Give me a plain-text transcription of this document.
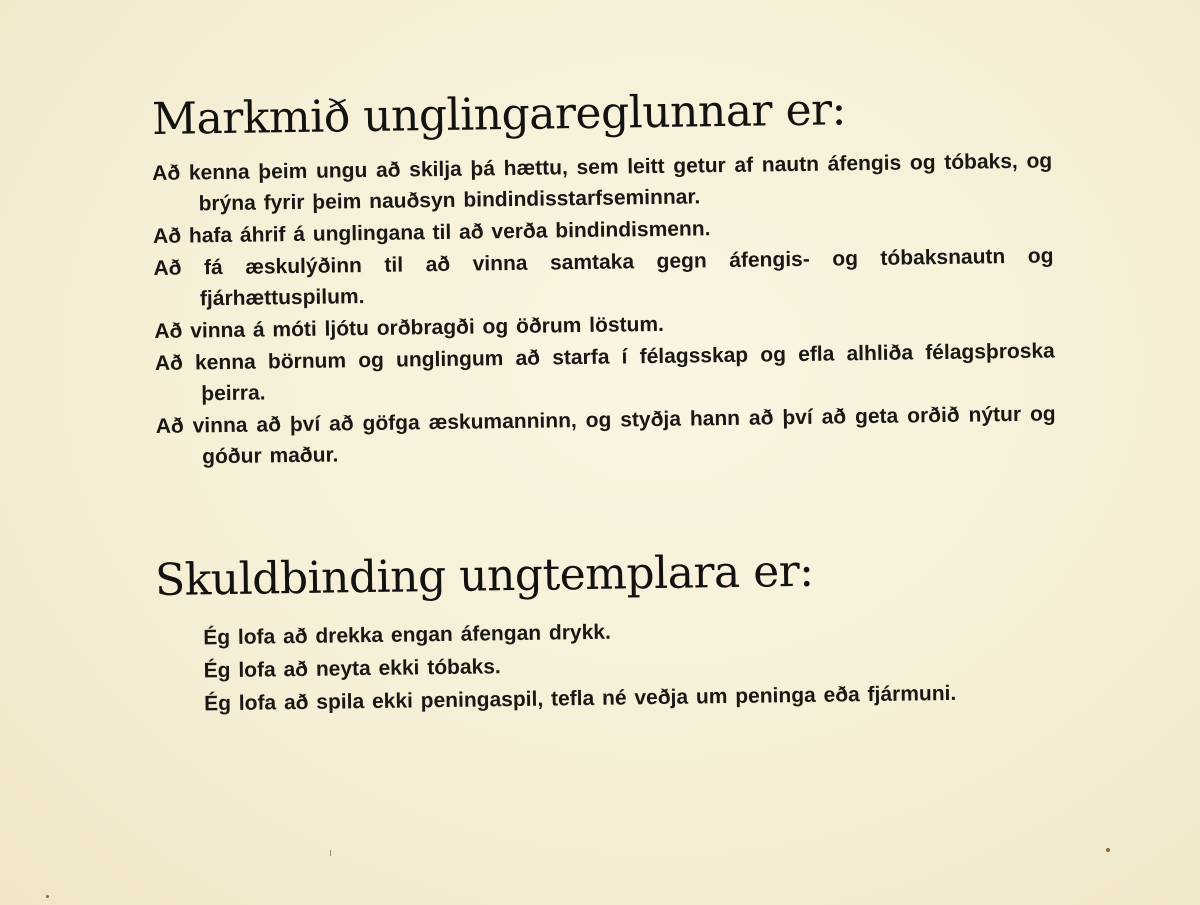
Markmið unglingareglunnar er:
Að kenna þeim ungu að skilja þá hættu, sem leitt getur af nautn áfengis og tóbaks, og brýna fyrir þeim nauðsyn bindindisstarfseminnar.
Að hafa áhrif á unglingana til að verða bindindismenn.
Að fá æskulýðinn til að vinna samtaka gegn áfengis- og tóbaksnautn og fjárhættuspilum.
Að vinna á móti ljótu orðbragði og öðrum löstum.
Að kenna börnum og unglingum að starfa í félagsskap og efla alhliða félagsþroska þeirra.
Að vinna að því að göfga æskumanninn, og styðja hann að því að geta orðið nýtur og góður maður.
Skuldbinding ungtemplara er:
Ég lofa að drekka engan áfengan drykk.
Ég lofa að neyta ekki tóbaks.
Ég lofa að spila ekki peningaspil, tefla né veðja um peninga eða fjármuni.
